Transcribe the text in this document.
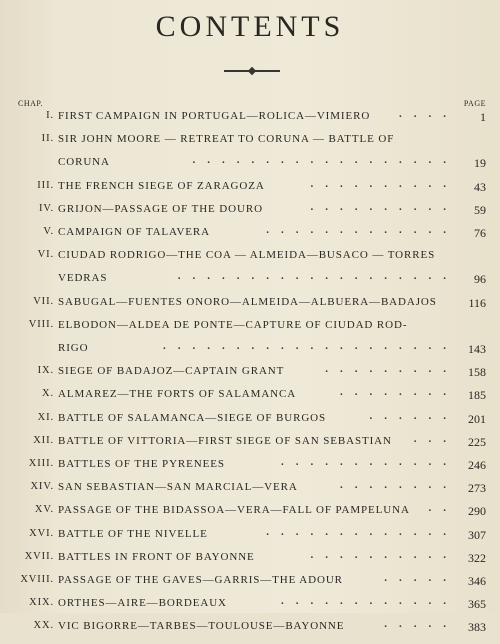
CONTENTS
CHAP.	PAGE
I. FIRST CAMPAIGN IN PORTUGAL—ROLICA—VIMIERO	.... 1
II. SIR JOHN MOORE — RETREAT TO CORUNA — BATTLE OF
CORUNA	.................. 19
III. THE FRENCH SIEGE OF ZARAGOZA	.......... 43
IV. GRIJON—PASSAGE OF THE DOURO	.......... 59
V. CAMPAIGN OF TALAVERA	............. 76
VI. CIUDAD RODRIGO—THE COA — ALMEIDA—BUSACO — TORRES
VEDRAS	................... 96
VII. SABUGAL—FUENTES ONORO—ALMEIDA—ALBUERA—BADAJOS	116
VIII. ELBODON—ALDEA DE PONTE—CAPTURE OF CIUDAD ROD-
RIGO	.................... 143
IX. SIEGE OF BADAJOZ—CAPTAIN GRANT	......... 158
X. ALMAREZ—THE FORTS OF SALAMANCA	........ 185
XI. BATTLE OF SALAMANCA—SIEGE OF BURGOS	...... 201
XII. BATTLE OF VITTORIA—FIRST SIEGE OF SAN SEBASTIAN ... 225
XIII. BATTLES OF THE PYRENEES	............ 246
XIV. SAN SEBASTIAN—SAN MARCIAL—VERA	........ 273
XV. PASSAGE OF THE BIDASSOA—VERA—FALL OF PAMPELUNA .. 290
XVI. BATTLE OF THE NIVELLE	............. 307
XVII. BATTLES IN FRONT OF BAYONNE	.......... 322
XVIII. PASSAGE OF THE GAVES—GARRIS—THE ADOUR	..... 346
XIX. ORTHES—AIRE—BORDEAUX	............ 365
XX. VIC BIGORRE—TARBES—TOULOUSE—BAYONNE	..... 383
